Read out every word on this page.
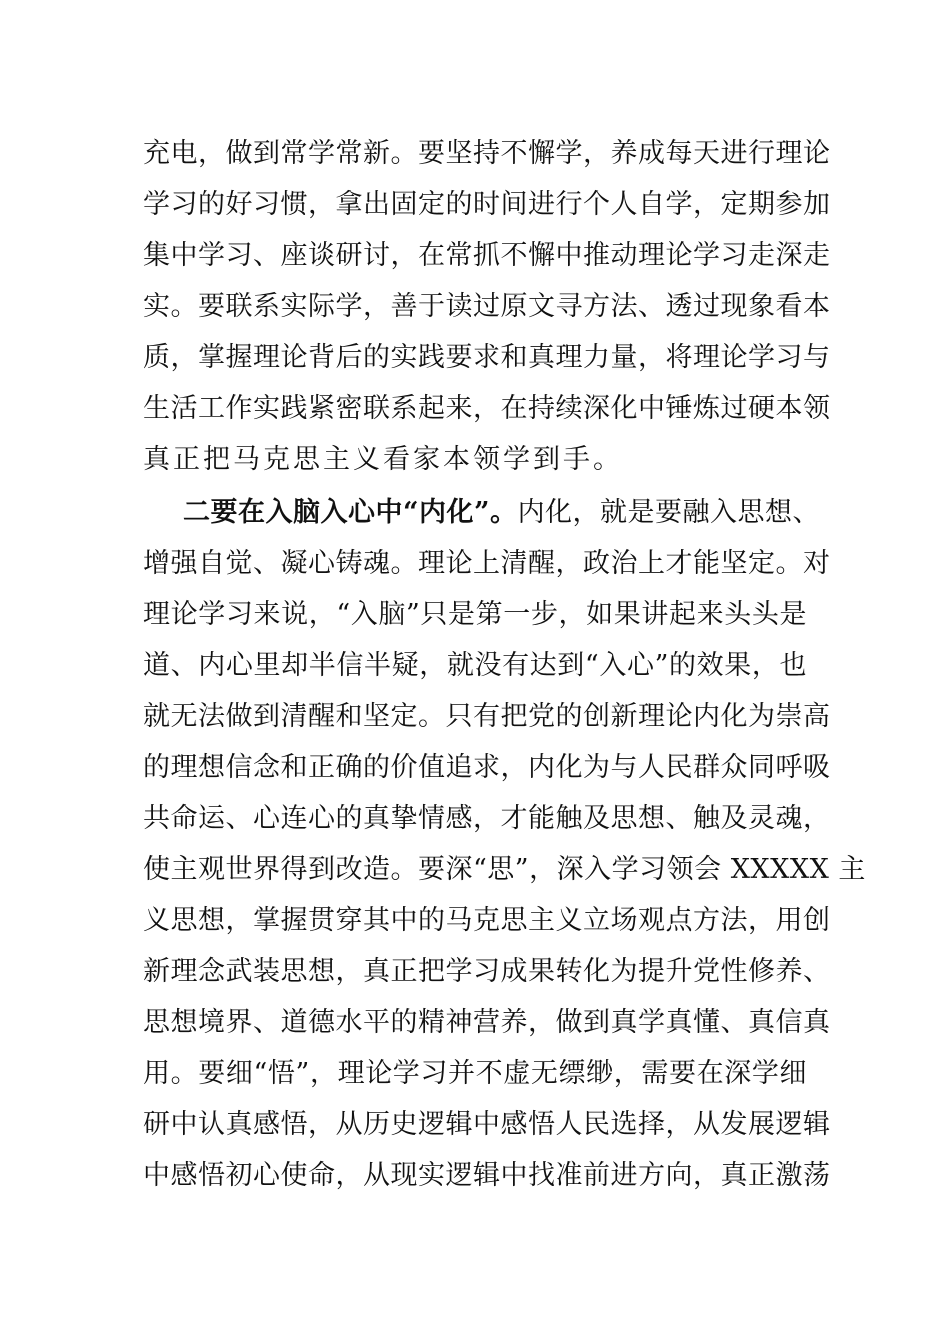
充电，做到常学常新。要坚持不懈学，养成每天进行理论
学习的好习惯，拿出固定的时间进行个人自学，定期参加
集中学习、座谈研讨，在常抓不懈中推动理论学习走深走
实。要联系实际学，善于读过原文寻方法、透过现象看本
质，掌握理论背后的实践要求和真理力量，将理论学习与
生活工作实践紧密联系起来，在持续深化中锤炼过硬本领
真正把马克思主义看家本领学到手。
二要在入脑入心中“内化”。内化，就是要融入思想、
增强自觉、凝心铸魂。理论上清醒，政治上才能坚定。对
理论学习来说，“入脑”只是第一步，如果讲起来头头是
道、内心里却半信半疑，就没有达到“入心”的效果，也
就无法做到清醒和坚定。只有把党的创新理论内化为崇高
的理想信念和正确的价值追求，内化为与人民群众同呼吸
共命运、心连心的真挚情感，才能触及思想、触及灵魂，
使主观世界得到改造。要深“思”，深入学习领会 XXXXX 主
义思想，掌握贯穿其中的马克思主义立场观点方法，用创
新理念武装思想，真正把学习成果转化为提升党性修养、
思想境界、道德水平的精神营养，做到真学真懂、真信真
用。要细“悟”，理论学习并不虚无缥缈，需要在深学细
研中认真感悟，从历史逻辑中感悟人民选择，从发展逻辑
中感悟初心使命，从现实逻辑中找准前进方向，真正激荡
